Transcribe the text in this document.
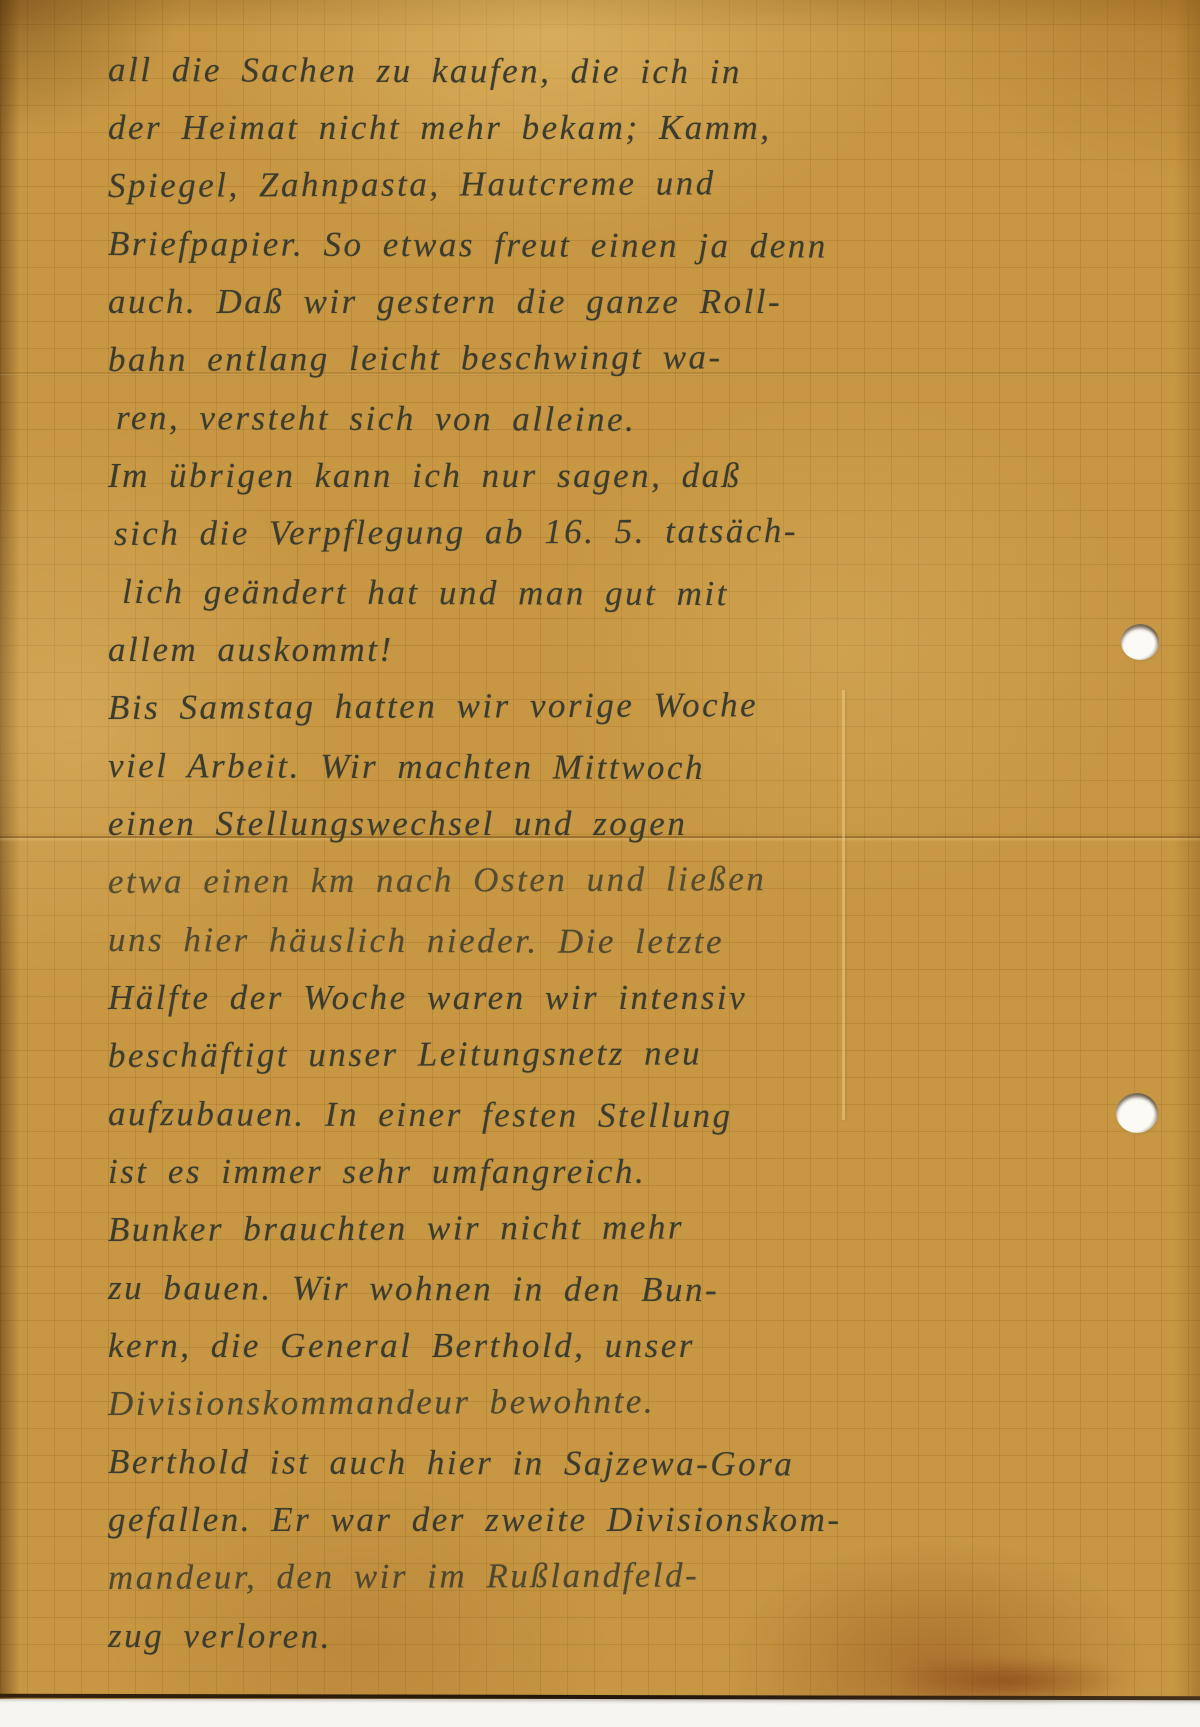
all die Sachen zu kaufen, die ich in
der Heimat nicht mehr bekam; Kamm,
Spiegel, Zahnpasta, Hautcreme und
Briefpapier. So etwas freut einen ja denn
auch. Daß wir gestern die ganze Roll-
bahn entlang leicht beschwingt wa-
ren, versteht sich von alleine.
Im übrigen kann ich nur sagen, daß
sich die Verpflegung ab 16. 5. tatsäch-
lich geändert hat und man gut mit
allem auskommt!
Bis Samstag hatten wir vorige Woche
viel Arbeit. Wir machten Mittwoch
einen Stellungswechsel und zogen
etwa einen km nach Osten und ließen
uns hier häuslich nieder. Die letzte
Hälfte der Woche waren wir intensiv
beschäftigt unser Leitungsnetz neu
aufzubauen. In einer festen Stellung
ist es immer sehr umfangreich.
Bunker brauchten wir nicht mehr
zu bauen. Wir wohnen in den Bun-
kern, die General Berthold, unser
Divisionskommandeur bewohnte.
Berthold ist auch hier in Sajzewa-Gora
gefallen. Er war der zweite Divisionskom-
mandeur, den wir im Rußlandfeld-
zug verloren.
